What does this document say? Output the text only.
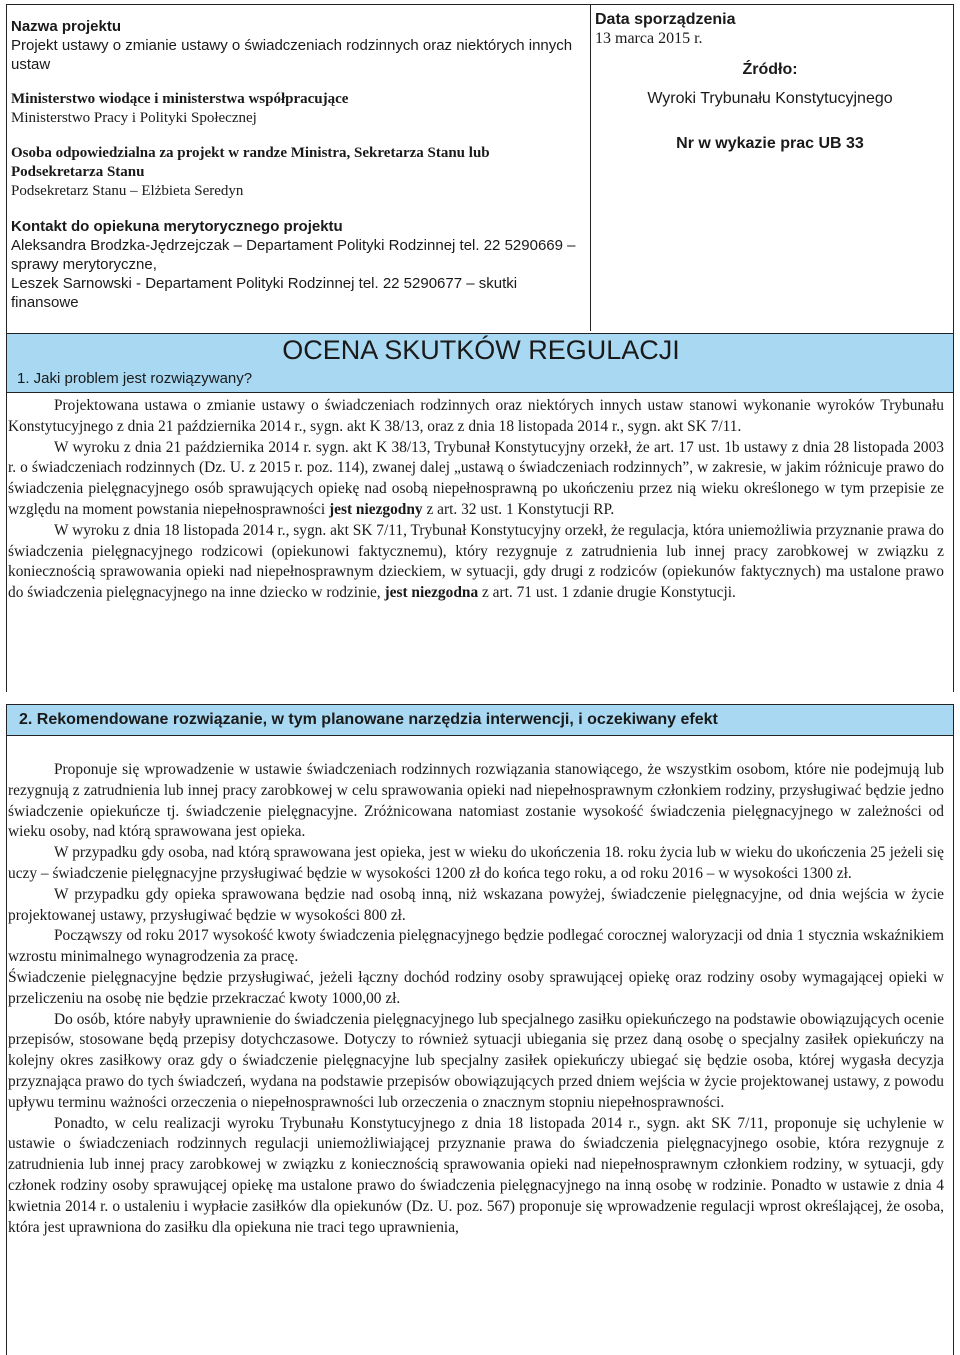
Nazwa projektu
Projekt ustawy o zmianie ustawy o świadczeniach rodzinnych oraz niektórych innych ustaw
Ministerstwo wiodące i ministerstwa współpracujące
Ministerstwo Pracy i Polityki Społecznej
Osoba odpowiedzialna za projekt w randze Ministra, Sekretarza Stanu lub Podsekretarza Stanu
Podsekretarz Stanu – Elżbieta Seredyn
Kontakt do opiekuna merytorycznego projektu
Aleksandra Brodzka-Jędrzejczak – Departament Polityki Rodzinnej tel. 22 5290669 – sprawy merytoryczne,
Leszek Sarnowski - Departament Polityki Rodzinnej tel. 22 5290677 – skutki finansowe
Data sporządzenia
13 marca 2015 r.
Źródło:
Wyroki Trybunału Konstytucyjnego
Nr w wykazie prac UB 33
OCENA SKUTKÓW REGULACJI
1. Jaki problem jest rozwiązywany?

Projektowana ustawa o zmianie ustawy o świadczeniach rodzinnych oraz niektórych innych ustaw stanowi wykonanie wyroków Trybunału Konstytucyjnego z dnia 21 października 2014 r., sygn. akt K 38/13, oraz z dnia 18 listopada 2014 r., sygn. akt SK 7/11.

W wyroku z dnia 21 października 2014 r. sygn. akt K 38/13, Trybunał Konstytucyjny orzekł, że art. 17 ust. 1b ustawy z dnia 28 listopada 2003 r. o świadczeniach rodzinnych (Dz. U. z 2015 r. poz. 114), zwanej dalej „ustawą o świadczeniach rodzinnych”, w zakresie, w jakim różnicuje prawo do świadczenia pielęgnacyjnego osób sprawujących opiekę nad osobą niepełnosprawną po ukończeniu przez nią wieku określonego w tym przepisie ze względu na moment powstania niepełnosprawności jest niezgodny z art. 32 ust. 1 Konstytucji RP.

W wyroku z dnia 18 listopada 2014 r., sygn. akt SK 7/11, Trybunał Konstytucyjny orzekł, że regulacja, która uniemożliwia przyznanie prawa do świadczenia pielęgnacyjnego rodzicowi (opiekunowi faktycznemu), który rezygnuje z zatrudnienia lub innej pracy zarobkowej w związku z koniecznością sprawowania opieki nad niepełnosprawnym dzieckiem, w sytuacji, gdy drugi z rodziców (opiekunów faktycznych) ma ustalone prawo do świadczenia pielęgnacyjnego na inne dziecko w rodzinie, jest niezgodna z art. 71 ust. 1 zdanie drugie Konstytucji.

2. Rekomendowane rozwiązanie, w tym planowane narzędzia interwencji, i oczekiwany efekt

Proponuje się wprowadzenie w ustawie świadczeniach rodzinnych rozwiązania stanowiącego, że wszystkim osobom, które nie podejmują lub rezygnują z zatrudnienia lub innej pracy zarobkowej w celu sprawowania opieki nad niepełnosprawnym członkiem rodziny, przysługiwać będzie jedno świadczenie opiekuńcze tj. świadczenie pielęgnacyjne. Zróżnicowana natomiast zostanie wysokość świadczenia pielęgnacyjnego w zależności od wieku osoby, nad którą sprawowana jest opieka.

W przypadku gdy osoba, nad którą sprawowana jest opieka, jest w wieku do ukończenia 18. roku życia lub w wieku do ukończenia 25 jeżeli się uczy – świadczenie pielęgnacyjne przysługiwać będzie w wysokości 1200 zł do końca tego roku, a od roku 2016 – w wysokości 1300 zł.

W przypadku gdy opieka sprawowana będzie nad osobą inną, niż wskazana powyżej, świadczenie pielęgnacyjne, od dnia wejścia w życie projektowanej ustawy, przysługiwać będzie w wysokości 800 zł.

Począwszy od roku 2017 wysokość kwoty świadczenia pielęgnacyjnego będzie podlegać corocznej waloryzacji od dnia 1 stycznia wskaźnikiem wzrostu minimalnego wynagrodzenia za pracę.

Świadczenie pielęgnacyjne będzie przysługiwać, jeżeli łączny dochód rodziny osoby sprawującej opiekę oraz rodziny osoby wymagającej opieki w przeliczeniu na osobę nie będzie przekraczać kwoty 1000,00 zł.

Do osób, które nabyły uprawnienie do świadczenia pielęgnacyjnego lub specjalnego zasiłku opiekuńczego na podstawie obowiązujących ocenie przepisów, stosowane będą przepisy dotychczasowe. Dotyczy to również sytuacji ubiegania się przez daną osobę o specjalny zasiłek opiekuńczy na kolejny okres zasiłkowy oraz gdy o świadczenie pielęgnacyjne lub specjalny zasiłek opiekuńczy ubiegać się będzie osoba, której wygasła decyzja przyznająca prawo do tych świadczeń, wydana na podstawie przepisów obowiązujących przed dniem wejścia w życie projektowanej ustawy, z powodu upływu terminu ważności orzeczenia o niepełnosprawności lub orzeczenia o znacznym stopniu niepełnosprawności.

Ponadto, w celu realizacji wyroku Trybunału Konstytucyjnego z dnia 18 listopada 2014 r., sygn. akt SK 7/11, proponuje się uchylenie w ustawie o świadczeniach rodzinnych regulacji uniemożliwiającej przyznanie prawa do świadczenia pielęgnacyjnego osobie, która rezygnuje z zatrudnienia lub innej pracy zarobkowej w związku z koniecznością sprawowania opieki nad niepełnosprawnym członkiem rodziny, w sytuacji, gdy członek rodziny osoby sprawującej opiekę ma ustalone prawo do świadczenia pielęgnacyjnego na inną osobę w rodzinie. Ponadto w ustawie z dnia 4 kwietnia 2014 r. o ustaleniu i wypłacie zasiłków dla opiekunów (Dz. U. poz. 567) proponuje się wprowadzenie regulacji wprost określającej, że osoba, która jest uprawniona do zasiłku dla opiekuna nie traci tego uprawnienia,
